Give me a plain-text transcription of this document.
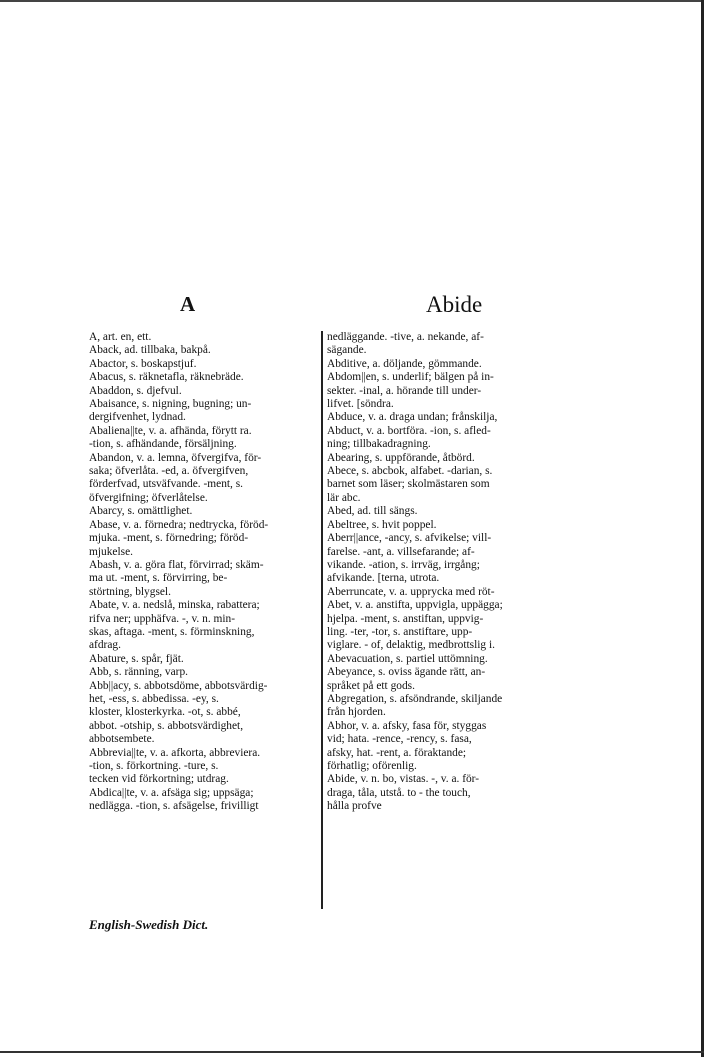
A	Abide
A, art. en, ett.
Aback, ad. tillbaka, bakpå.
Abactor, s. boskapstjuf.
Abacus, s. räknetafla, räknebräde.
Abaddon, s. djefvul.
Abaisance, s. nigning, bugning; un-
dergifvenhet, lydnad.
Abaliena||te, v. a. afhända, förytt ra.
-tion, s. afhändande, försäljning.
Abandon, v. a. lemna, öfvergifva, för-
saka; öfverlåta. -ed, a. öfvergifven,
förderfvad, utsväfvande. -ment, s.
öfvergifning; öfverlåtelse.
Abarcy, s. omättlighet.
Abase, v. a. förnedra; nedtrycka, föröd-
mjuka. -ment, s. förnedring; föröd-
mjukelse.
Abash, v. a. göra flat, förvirrad; skäm-
ma ut. -ment, s. förvirring, be-
störtning, blygsel.
Abate, v. a. nedslå, minska, rabattera;
rifva ner; upphäfva. -, v. n. min-
skas, aftaga. -ment, s. förminskning,
afdrag.
Abature, s. spår, fjät.
Abb, s. ränning, varp.
Abb||acy, s. abbotsdöme, abbotsvärdig-
het, -ess, s. abbedissa. -ey, s.
kloster, klosterkyrka. -ot, s. abbé,
abbot. -otship, s. abbotsvärdighet,
abbotsembete.
Abbrevia||te, v. a. afkorta, abbreviera.
-tion, s. förkortning. -ture, s.
tecken vid förkortning; utdrag.
Abdica||te, v. a. afsäga sig; uppsäga;
nedlägga. -tion, s. afsägelse, frivilligt
nedläggande. -tive, a. nekande, af-
sägande.
Abditive, a. döljande, gömmande.
Abdom||en, s. underlif; bälgen på in-
sekter. -inal, a. hörande till under-
lifvet. [söndra.
Abduce, v. a. draga undan; frånskilja,
Abduct, v. a. bortföra. -ion, s. afled-
ning; tillbakadragning.
Abearing, s. uppförande, åtbörd.
Abece, s. abcbok, alfabet. -darian, s.
barnet som läser; skolmästaren som
lär abc.
Abed, ad. till sängs.
Abeltree, s. hvit poppel.
Aberr||ance, -ancy, s. afvikelse; vill-
farelse. -ant, a. villsefarande; af-
vikande. -ation, s. irrväg, irrgång;
afvikande. [terna, utrota.
Aberruncate, v. a. upprycka med röt-
Abet, v. a. anstifta, uppvigla, uppägga;
hjelpa. -ment, s. anstiftan, uppvig-
ling. -ter, -tor, s. anstiftare, upp-
viglare. - of, delaktig, medbrottslig i.
Abevacuation, s. partiel uttömning.
Abeyance, s. oviss ägande rätt, an-
språket på ett gods.
Abgregation, s. afsöndrande, skiljande
från hjorden.
Abhor, v. a. afsky, fasa för, styggas
vid; hata. -rence, -rency, s. fasa,
afsky, hat. -rent, a. föraktande;
förhatlig; oförenlig.
Abide, v. n. bo, vistas. -, v. a. för-
draga, tåla, utstå. to - the touch,
hålla profve
English-Swedish Dict.
